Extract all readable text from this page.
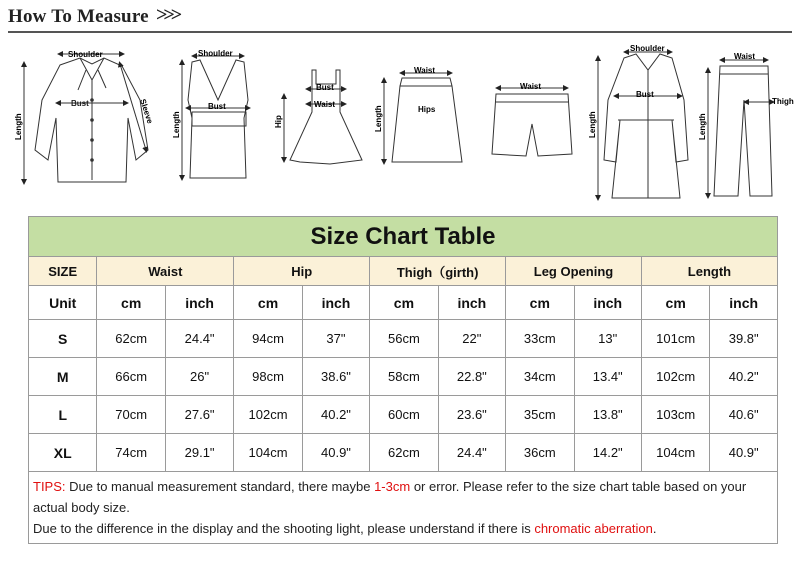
How To Measure >>>
Shoulder
Bust
Length
Sleeve
Shoulder
Bust
Length
Bust
Waist
Hip
Waist
Hips
Length
Waist
Shoulder
Bust
Length
Waist
Thigh
Length
Size Chart Table										
SIZE	Waist		Hip		Thigh（girth)		Leg Opening		Length	
Unit	cm	inch	cm	inch	cm	inch	cm	inch	cm	inch
S	62cm	24.4"	94cm	37"	56cm	22"	33cm	13"	101cm	39.8"
M	66cm	26"	98cm	38.6"	58cm	22.8"	34cm	13.4"	102cm	40.2"
L	70cm	27.6"	102cm	40.2"	60cm	23.6"	35cm	13.8"	103cm	40.6"
XL	74cm	29.1"	104cm	40.9"	62cm	24.4"	36cm	14.2"	104cm	40.9"
TIPS: Due to manual measurement standard, there maybe 1-3cm or error. Please refer to the size chart table based on your actual body size.
Due to the difference in the display and the shooting light, please understand if there is chromatic aberration.										
